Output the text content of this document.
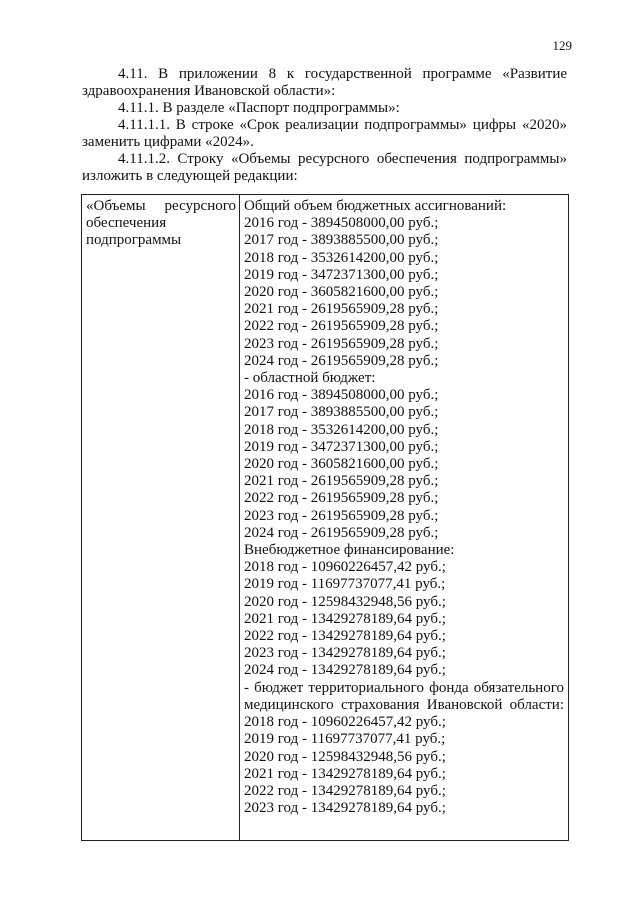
129

4.11. В приложении 8 к государственной программе «Развитие здравоохранения Ивановской области»:

4.11.1. В разделе «Паспорт подпрограммы»:

4.11.1.1. В строке «Срок реализации подпрограммы» цифры «2020» заменить цифрами «2024».

4.11.1.2. Строку «Объемы ресурсного обеспечения подпрограммы» изложить в следующей редакции:

«Объемы ресурсного
обеспечения
подпрограммы
Общий объем бюджетных ассигнований:
2016 год - 3894508000,00 руб.;
2017 год - 3893885500,00 руб.;
2018 год - 3532614200,00 руб.;
2019 год - 3472371300,00 руб.;
2020 год - 3605821600,00 руб.;
2021 год - 2619565909,28 руб.;
2022 год - 2619565909,28 руб.;
2023 год - 2619565909,28 руб.;
2024 год - 2619565909,28 руб.;
- областной бюджет:
2016 год - 3894508000,00 руб.;
2017 год - 3893885500,00 руб.;
2018 год - 3532614200,00 руб.;
2019 год - 3472371300,00 руб.;
2020 год - 3605821600,00 руб.;
2021 год - 2619565909,28 руб.;
2022 год - 2619565909,28 руб.;
2023 год - 2619565909,28 руб.;
2024 год - 2619565909,28 руб.;
Внебюджетное финансирование:
2018 год - 10960226457,42 руб.;
2019 год - 11697737077,41 руб.;
2020 год - 12598432948,56 руб.;
2021 год - 13429278189,64 руб.;
2022 год - 13429278189,64 руб.;
2023 год - 13429278189,64 руб.;
2024 год - 13429278189,64 руб.;
- бюджет территориального фонда обязательного медицинского страхования Ивановской области:
2018 год - 10960226457,42 руб.;
2019 год - 11697737077,41 руб.;
2020 год - 12598432948,56 руб.;
2021 год - 13429278189,64 руб.;
2022 год - 13429278189,64 руб.;
2023 год - 13429278189,64 руб.;
